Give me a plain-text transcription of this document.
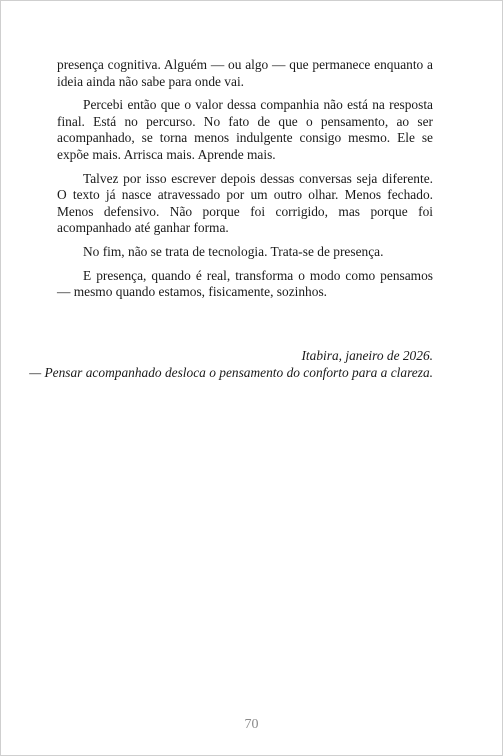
presença cognitiva. Alguém — ou algo — que permanece enquanto a ideia ainda não sabe para onde vai.

Percebi então que o valor dessa companhia não está na resposta final. Está no percurso. No fato de que o pensamento, ao ser acompanhado, se torna menos indulgente consigo mesmo. Ele se expõe mais. Arrisca mais. Aprende mais.

Talvez por isso escrever depois dessas conversas seja diferente. O texto já nasce atravessado por um outro olhar. Menos fechado. Menos defensivo. Não porque foi corrigido, mas porque foi acompanhado até ganhar forma.

No fim, não se trata de tecnologia. Trata-se de presença.

E presença, quando é real, transforma o modo como pensamos — mesmo quando estamos, fisicamente, sozinhos.

Itabira, janeiro de 2026.
— Pensar acompanhado desloca o pensamento do conforto para a clareza.
70
